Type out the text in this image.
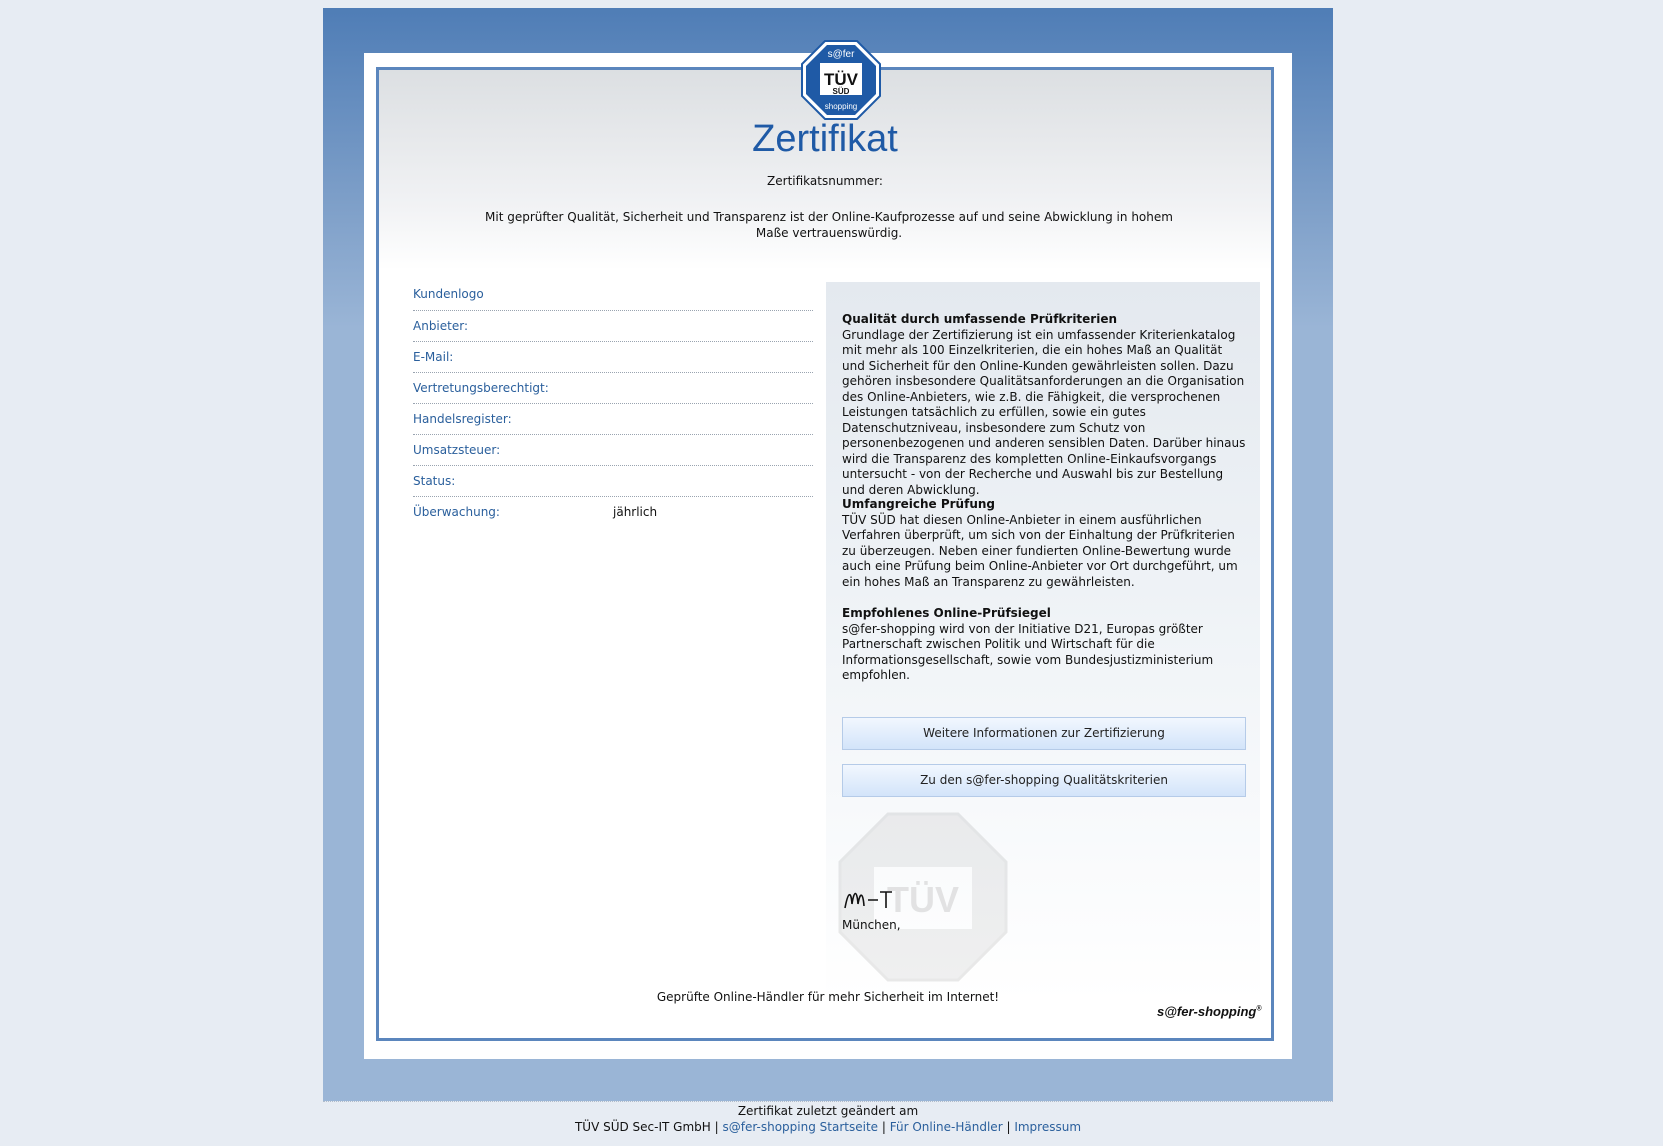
TÜV
SÜD
s@fer
shopping
Zertifikat
Zertifikatsnummer:
Mit geprüfter Qualität, Sicherheit und Transparenz ist der Online-Kaufprozesse auf und seine Abwicklung in hohem Maße vertrauenswürdig.
Kundenlogo
Anbieter:
E-Mail:
Vertretungsberechtigt:
Handelsregister:
Umsatzsteuer:
Status:
Überwachung:	jährlich
Qualität durch umfassende Prüfkriterien

Grundlage der Zertifizierung ist ein umfassender Kriterienkatalog mit mehr als 100 Einzelkriterien, die ein hohes Maß an Qualität und Sicherheit für den Online-Kunden gewährleisten sollen. Dazu gehören insbesondere Qualitätsanforderungen an die Organisation des Online-Anbieters, wie z.B. die Fähigkeit, die versprochenen Leistungen tatsächlich zu erfüllen, sowie ein gutes Datenschutzniveau, insbesondere zum Schutz von personenbezogenen und anderen sensiblen Daten. Darüber hinaus wird die Transparenz des kompletten Online-Einkaufsvorgangs untersucht - von der Recherche und Auswahl bis zur Bestellung und deren Abwicklung.

Umfangreiche Prüfung

TÜV SÜD hat diesen Online-Anbieter in einem ausführlichen Verfahren überprüft, um sich von der Einhaltung der Prüfkriterien zu überzeugen. Neben einer fundierten Online-Bewertung wurde auch eine Prüfung beim Online-Anbieter vor Ort durchgeführt, um ein hohes Maß an Transparenz zu gewährleisten.

Empfohlenes Online-Prüfsiegel

s@fer-shopping wird von der Initiative D21, Europas größter Partnerschaft zwischen Politik und Wirtschaft für die Informationsgesellschaft, sowie vom Bundesjustizministerium empfohlen.

Weitere Informationen zur Zertifizierung
Zu den s@fer-shopping Qualitätskriterien
TÜV
München,
Geprüfte Online-Händler für mehr Sicherheit im Internet!
s@fer-shopping®
Zertifikat zuletzt geändert am
TÜV SÜD Sec-IT GmbH | s@fer-shopping Startseite | Für Online-Händler | Impressum
